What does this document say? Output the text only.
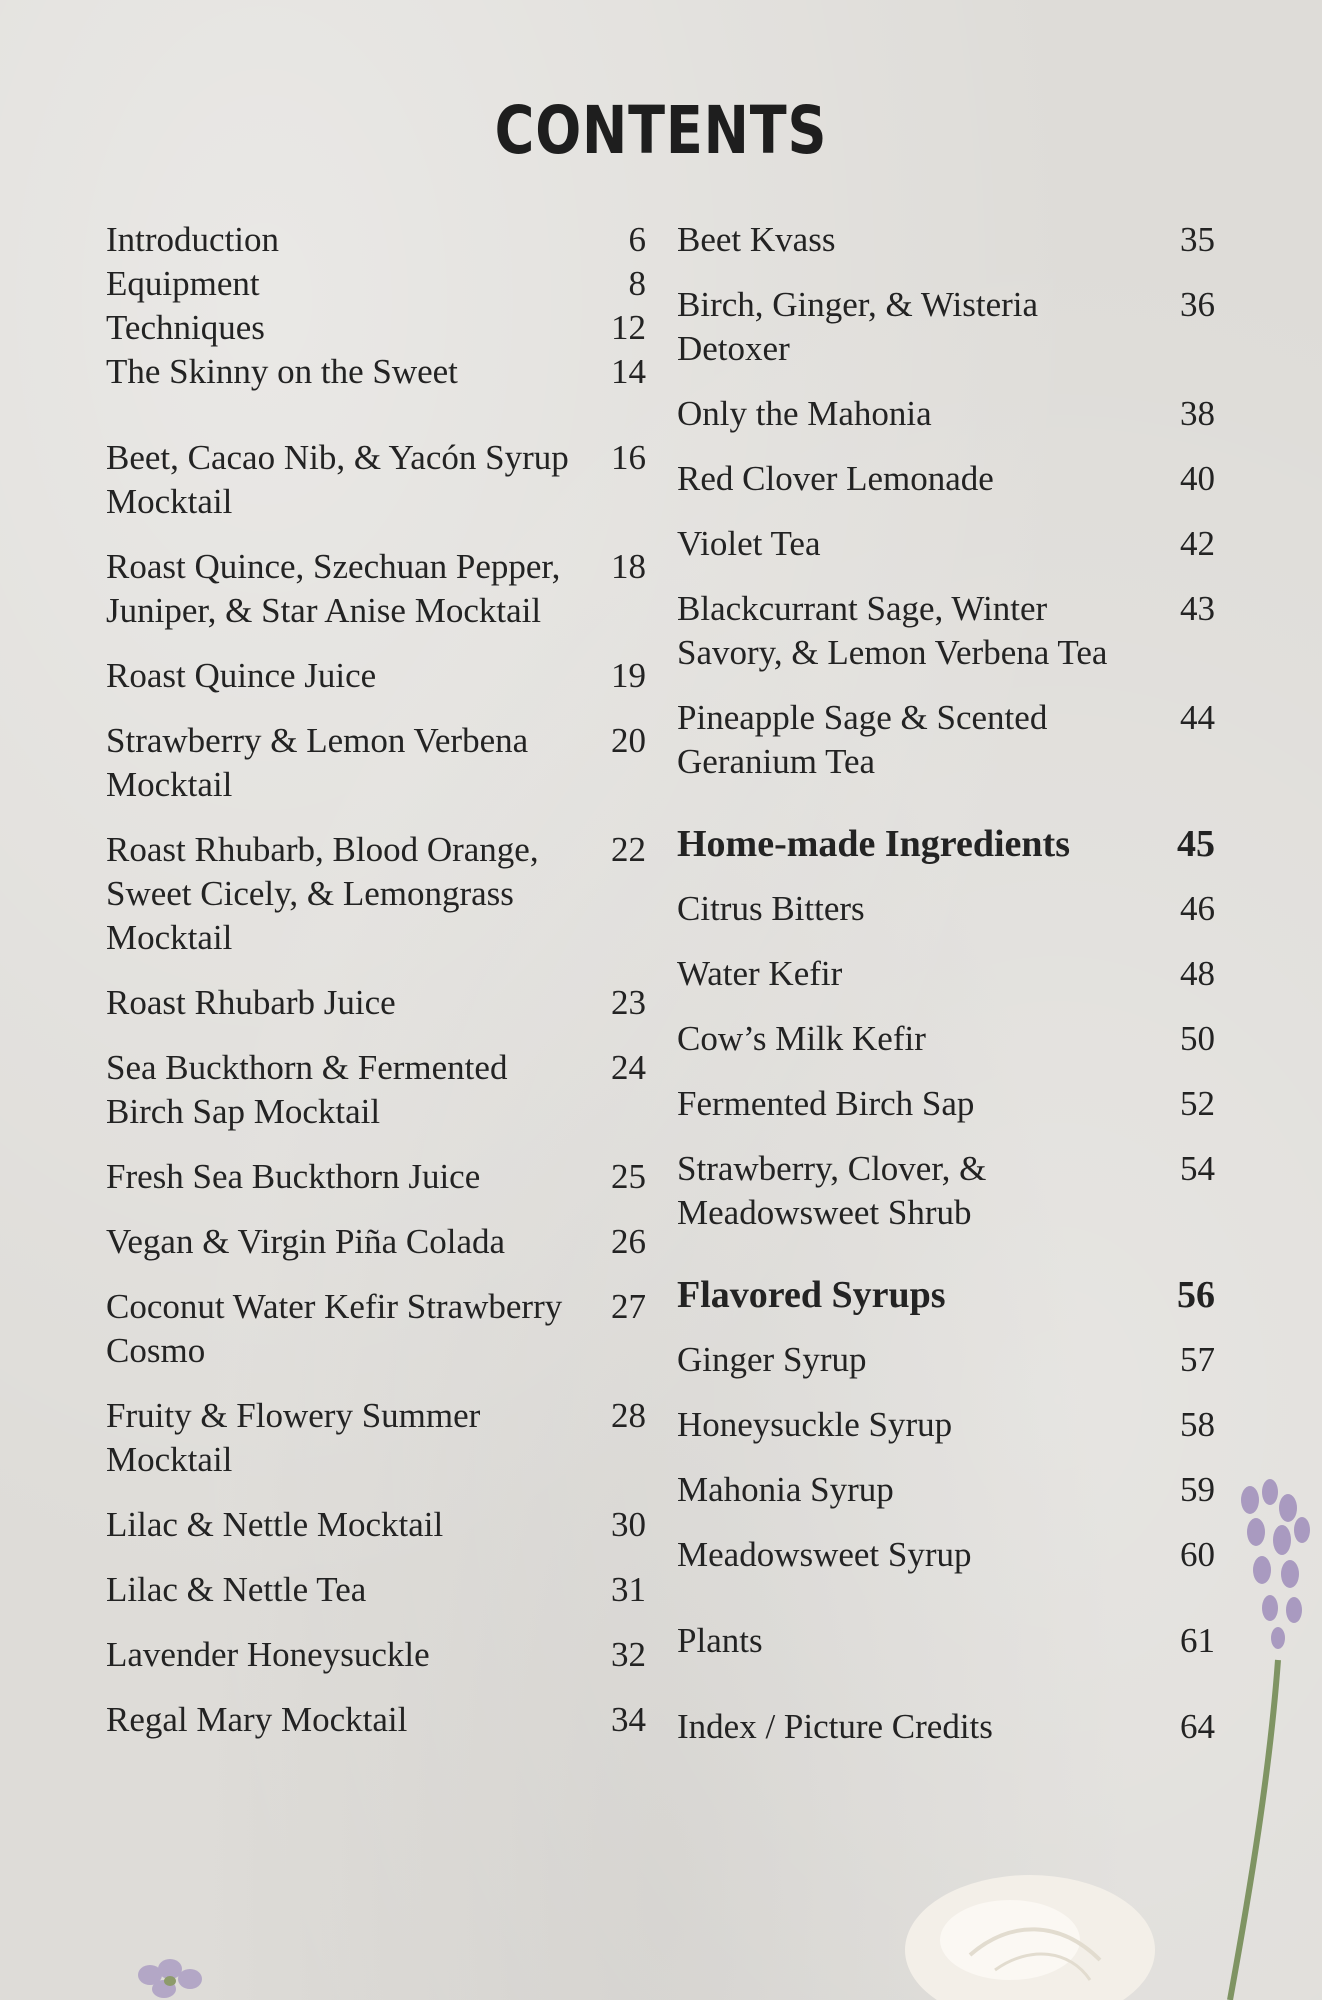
CONTENTS
Introduction	6
Equipment	8
Techniques	12
The Skinny on the Sweet	14
Beet, Cacao Nib, & Yacón Syrup Mocktail
16
Roast Quince, Szechuan Pepper, Juniper, & Star Anise Mocktail
18
Roast Quince Juice	19
Strawberry & Lemon Verbena Mocktail
20
Roast Rhubarb, Blood Orange, Sweet Cicely, & Lemongrass Mocktail
22
Roast Rhubarb Juice	23
Sea Buckthorn & Fermented Birch Sap Mocktail
24
Fresh Sea Buckthorn Juice	25
Vegan & Virgin Piña Colada	26
Coconut Water Kefir Strawberry Cosmo
27
Fruity & Flowery Summer Mocktail
28
Lilac & Nettle Mocktail	30
Lilac & Nettle Tea	31
Lavender Honeysuckle	32
Regal Mary Mocktail	34
Beet Kvass	35
Birch, Ginger, & Wisteria Detoxer
36
Only the Mahonia	38
Red Clover Lemonade	40
Violet Tea	42
Blackcurrant Sage, Winter Savory, & Lemon Verbena Tea
43
Pineapple Sage & Scented Geranium Tea
44
Home-made Ingredients	45
Citrus Bitters	46
Water Kefir	48
Cow’s Milk Kefir	50
Fermented Birch Sap	52
Strawberry, Clover, & Meadowsweet Shrub
54
Flavored Syrups	56
Ginger Syrup	57
Honeysuckle Syrup	58
Mahonia Syrup	59
Meadowsweet Syrup	60
Plants	61
Index / Picture Credits	64
